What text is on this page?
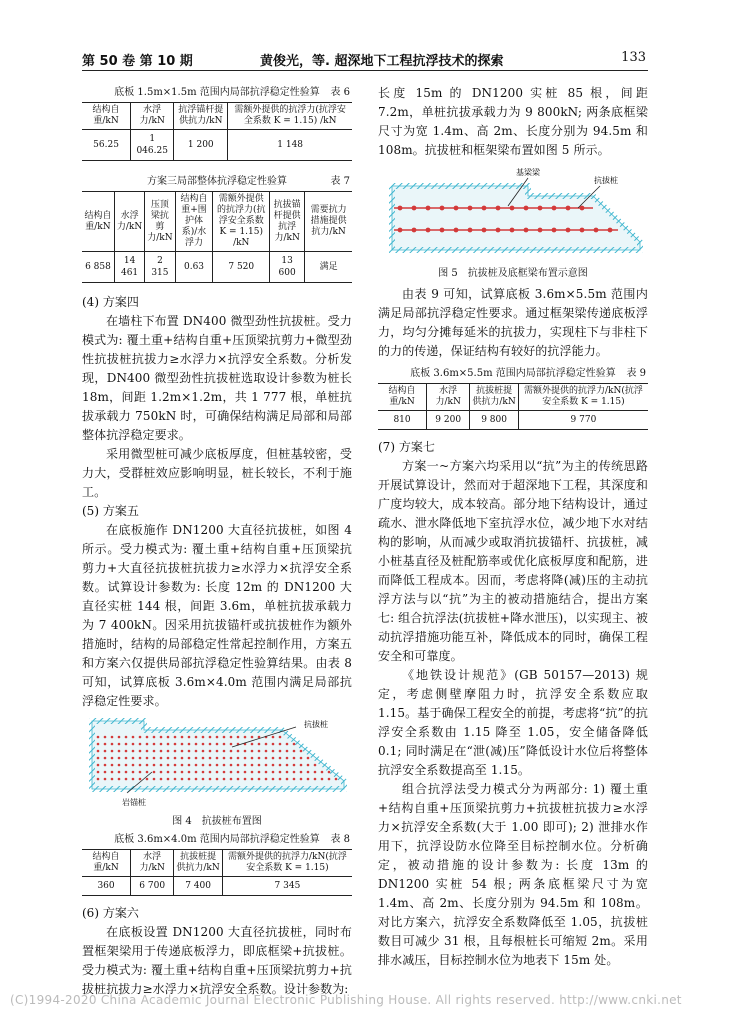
第 50 卷 第 10 期	黄俊光，等. 超深地下工程抗浮技术的探索	133
底板 1.5m×1.5m 范围内局部抗浮稳定性验算 表 6
结构自重/kN	水浮力/kN	抗浮锚杆提供抗力/kN	需额外提供的抗浮力(抗浮安全系数 K = 1.15) /kN
56.25	1 046.25	1 200	1 148
方案三局部整体抗浮稳定性验算	表 7
结构自重/kN	水浮力/kN	压顶梁抗剪力/kN	结构自重+围护体系)/水浮力	需额外提供的抗浮力(抗浮安全系数K = 1.15) /kN	抗拔锚杆提供抗浮力/kN	需要抗力措施提供抗力/kN
6 858	14 461	2 315	0.63	7 520	13 600	满足

(4) 方案四

在墙柱下布置 DN400 微型劲性抗拔桩。受力模式为: 覆土重+结构自重+压顶梁抗剪力+微型劲性抗拔桩抗拔力≥水浮力×抗浮安全系数。分析发现，DN400 微型劲性抗拔桩选取设计参数为桩长 18m，间距 1.2m×1.2m，共 1 777 根，单桩抗拔承载力 750kN 时，可确保结构满足局部和局部整体抗浮稳定要求。

采用微型桩可减少底板厚度，但桩基较密，受力大，受群桩效应影响明显，桩长较长，不利于施工。

(5) 方案五

在底板施作 DN1200 大直径抗拔桩，如图 4 所示。受力模式为: 覆土重+结构自重+压顶梁抗剪力+大直径抗拔桩抗拔力≥水浮力×抗浮安全系数。试算设计参数为: 长度 12m 的 DN1200 大直径实桩 144 根，间距 3.6m，单桩抗拔承载力为 7 400kN。因采用抗拔锚杆或抗拔桩作为额外措施时，结构的局部稳定性常起控制作用，方案五和方案六仅提供局部抗浮稳定性验算结果。由表 8 可知，试算底板 3.6m×4.0m 范围内满足局部抗浮稳定性要求。

抗拔桩
岩锚桩
图 4　抗拔桩布置图
底板 3.6m×4.0m 范围内局部抗浮稳定性验算 表 8
结构自重/kN	水浮力/kN	抗拔桩提供抗力/kN	需额外提供的抗浮力/kN(抗浮安全系数 K = 1.15)
360	6 700	7 400	7 345

(6) 方案六

在底板设置 DN1200 大直径抗拔桩，同时布置框架梁用于传递底板浮力，即底框梁+抗拔桩。受力模式为: 覆土重+结构自重+压顶梁抗剪力+抗拔桩抗拔力≥水浮力×抗浮安全系数。设计参数为:

长度 15m 的 DN1200 实桩 85 根，间距 7.2m，单桩抗拔承载力为 9 800kN; 两条底框梁尺寸为宽 1.4m、高 2m、长度分别为 94.5m 和 108m。抗拔桩和框架梁布置如图 5 所示。

基梁梁
抗拔桩
图 5　抗拔桩及底框梁布置示意图

由表 9 可知，试算底板 3.6m×5.5m 范围内满足局部抗浮稳定性要求。通过框架梁传递底板浮力，均匀分摊每延米的抗拔力，实现柱下与非柱下的力的传递，保证结构有较好的抗浮能力。

底板 3.6m×5.5m 范围内局部抗浮稳定性验算 表 9
结构自重/kN	水浮力/kN	抗拔桩提供抗力/kN	需额外提供的抗浮力/kN(抗浮安全系数 K = 1.15)
810	9 200	9 800	9 770

(7) 方案七

方案一~方案六均采用以“抗”为主的传统思路开展试算设计，然而对于超深地下工程，其深度和广度均较大，成本较高。部分地下结构设计，通过疏水、泄水降低地下室抗浮水位，减少地下水对结构的影响，从而减少或取消抗拔锚杆、抗拔桩，减小桩基直径及桩配筋率或优化底板厚度和配筋，进而降低工程成本。因而，考虑将降(减)压的主动抗浮方法与以“抗”为主的被动措施结合，提出方案七: 组合抗浮法(抗拔桩+降水泄压)，以实现主、被动抗浮措施功能互补，降低成本的同时，确保工程安全和可靠度。

《地铁设计规范》(GB 50157—2013) 规定，考虑侧壁摩阻力时，抗浮安全系数应取 1.15。基于确保工程安全的前提，考虑将“抗”的抗浮安全系数由 1.15 降至 1.05，安全储备降低 0.1; 同时满足在“泄(减)压”降低设计水位后将整体抗浮安全系数提高至 1.15。

组合抗浮法受力模式分为两部分: 1) 覆土重+结构自重+压顶梁抗剪力+抗拔桩抗拔力≥水浮力×抗浮安全系数(大于 1.00 即可); 2) 泄排水作用下，抗浮设防水位降至目标控制水位。分析确定，被动措施的设计参数为: 长度 13m 的 DN1200 实桩 54 根; 两条底框梁尺寸为宽 1.4m、高 2m、长度分别为 94.5m 和 108m。对比方案六，抗浮安全系数降低至 1.05，抗拔桩数目可减少 31 根，且每根桩长可缩短 2m。采用排水减压，目标控制水位为地表下 15m 处。

(C)1994-2020 China Academic Journal Electronic Publishing House. All rights reserved. http://www.cnki.net
